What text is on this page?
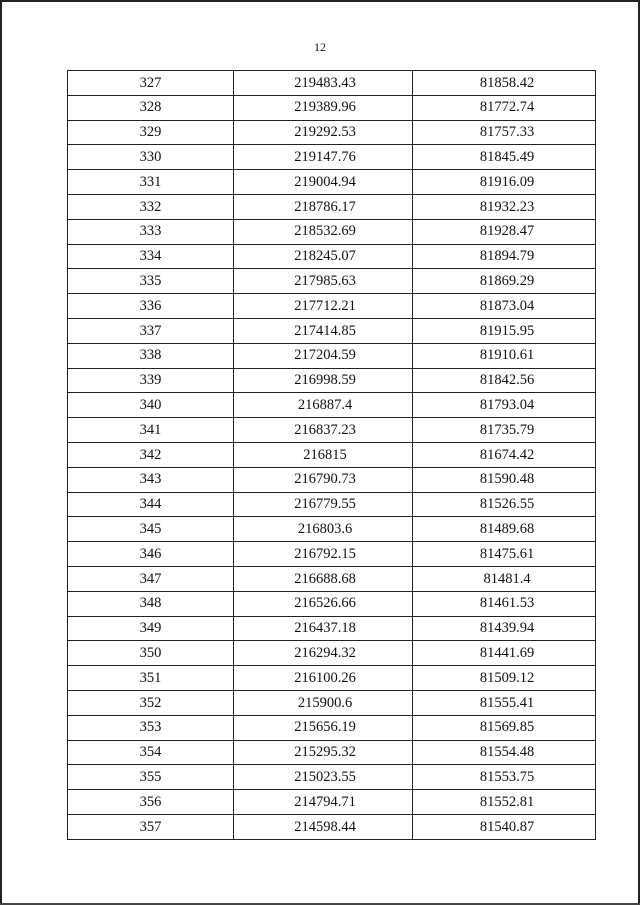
12
327	219483.43	81858.42
328	219389.96	81772.74
329	219292.53	81757.33
330	219147.76	81845.49
331	219004.94	81916.09
332	218786.17	81932.23
333	218532.69	81928.47
334	218245.07	81894.79
335	217985.63	81869.29
336	217712.21	81873.04
337	217414.85	81915.95
338	217204.59	81910.61
339	216998.59	81842.56
340	216887.4	81793.04
341	216837.23	81735.79
342	216815	81674.42
343	216790.73	81590.48
344	216779.55	81526.55
345	216803.6	81489.68
346	216792.15	81475.61
347	216688.68	81481.4
348	216526.66	81461.53
349	216437.18	81439.94
350	216294.32	81441.69
351	216100.26	81509.12
352	215900.6	81555.41
353	215656.19	81569.85
354	215295.32	81554.48
355	215023.55	81553.75
356	214794.71	81552.81
357	214598.44	81540.87
